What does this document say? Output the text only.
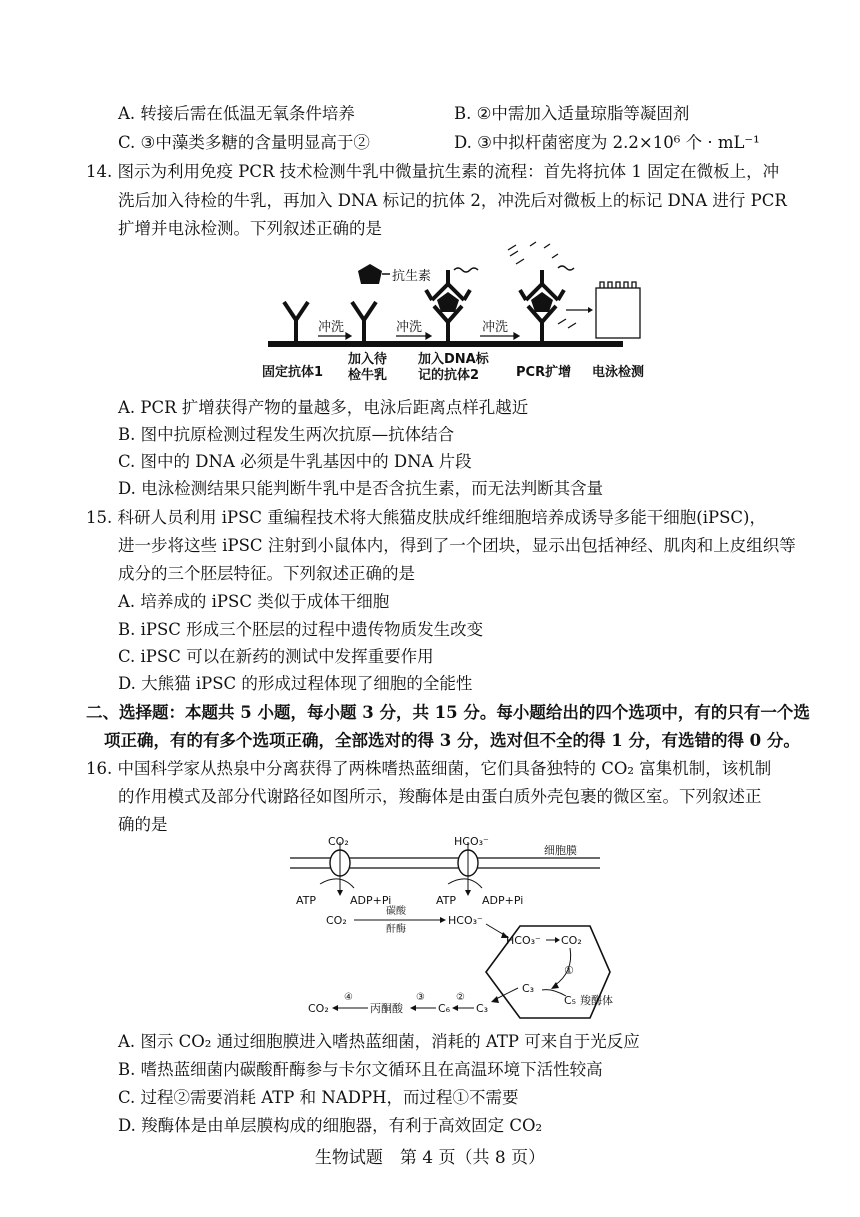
A. 转接后需在低温无氧条件培养	B. ②中需加入适量琼脂等凝固剂
C. ③中藻类多糖的含量明显高于②	D. ③中拟杆菌密度为 2.2×10⁶ 个 · mL⁻¹
14. 图示为利用免疫 PCR 技术检测牛乳中微量抗生素的流程：首先将抗体 1 固定在微板上，冲
洗后加入待检的牛乳，再加入 DNA 标记的抗体 2，冲洗后对微板上的标记 DNA 进行 PCR
扩增并电泳检测。下列叙述正确的是
抗生素
冲洗	冲洗	冲洗
固定抗体1
加入待
检牛乳
加入DNA标
记的抗体2	PCR扩增 电泳检测
A. PCR 扩增获得产物的量越多，电泳后距离点样孔越近
B. 图中抗原检测过程发生两次抗原—抗体结合
C. 图中的 DNA 必须是牛乳基因中的 DNA 片段
D. 电泳检测结果只能判断牛乳中是否含抗生素，而无法判断其含量
15. 科研人员利用 iPSC 重编程技术将大熊猫皮肤成纤维细胞培养成诱导多能干细胞(iPSC)，
进一步将这些 iPSC 注射到小鼠体内，得到了一个团块，显示出包括神经、肌肉和上皮组织等
成分的三个胚层特征。下列叙述正确的是
A. 培养成的 iPSC 类似于成体干细胞
B. iPSC 形成三个胚层的过程中遗传物质发生改变
C. iPSC 可以在新药的测试中发挥重要作用
D. 大熊猫 iPSC 的形成过程体现了细胞的全能性
二、选择题：本题共 5 小题，每小题 3 分，共 15 分。每小题给出的四个选项中，有的只有一个选
项正确，有的有多个选项正确，全部选对的得 3 分，选对但不全的得 1 分，有选错的得 0 分。
16. 中国科学家从热泉中分离获得了两株嗜热蓝细菌，它们具备独特的 CO₂ 富集机制，该机制
的作用模式及部分代谢路径如图所示，羧酶体是由蛋白质外壳包裹的微区室。下列叙述正
确的是
细胞膜
CO₂
ATP	ADP+Pi
HCO₃⁻
ATP ADP+Pi
CO₂
碳酸
酐酶
HCO₃⁻
HCO₃⁻ CO₂
①
C₃
C₅ 羧酶体
C₃
②
C₆
③
丙酮酸
④
CO₂
A. 图示 CO₂ 通过细胞膜进入嗜热蓝细菌，消耗的 ATP 可来自于光反应
B. 嗜热蓝细菌内碳酸酐酶参与卡尔文循环且在高温环境下活性较高
C. 过程②需要消耗 ATP 和 NADPH，而过程①不需要
D. 羧酶体是由单层膜构成的细胞器，有利于高效固定 CO₂
生物试题　第 4 页（共 8 页）
